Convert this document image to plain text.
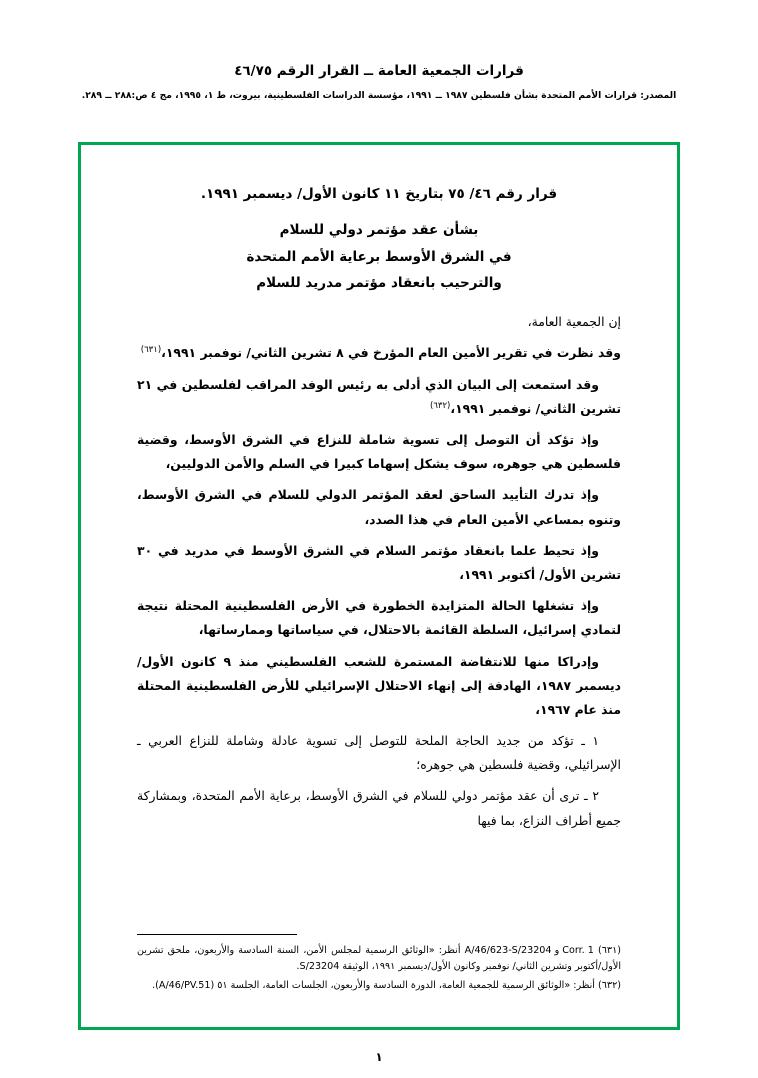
قرارات الجمعية العامة ــ القرار الرقم ٤٦/٧٥
المصدر: قرارات الأمم المتحدة بشأن فلسطين ١٩٨٧ ــ ١٩٩١، مؤسسة الدراسات الفلسطينية، بيروت، ط ١، ١٩٩٥، مج ٤ ص:٢٨٨ ــ ٢٨٩.
قرار رقم ٤٦/ ٧٥ بتاريخ ١١ كانون الأول/ ديسمبر ١٩٩١.
بشأن عقد مؤتمر دولي للسلام
في الشرق الأوسط برعاية الأمم المتحدة
والترحيب بانعقاد مؤتمر مدريد للسلام
إن الجمعية العامة،
وقد نظرت في تقرير الأمين العام المؤرخ في ٨ تشرين الثاني/ نوفمبر ١٩٩١،$^{(٦٣١)}$
وقد استمعت إلى البيان الذي أدلى به رئيس الوفد المراقب لفلسطين في ٢١ تشرين الثاني/ نوفمبر ١٩٩١،$^{(٦٣٢)}$
وإذ تؤكد أن التوصل إلى تسوية شاملة للنزاع في الشرق الأوسط، وقضية فلسطين هي جوهره، سوف يشكل إسهاما كبيرا في السلم والأمن الدوليين،
وإذ تدرك التأييد الساحق لعقد المؤتمر الدولي للسلام في الشرق الأوسط، وتنوه بمساعي الأمين العام في هذا الصدد،
وإذ تحيط علما بانعقاد مؤتمر السلام في الشرق الأوسط في مدريد في ٣٠ تشرين الأول/ أكتوبر ١٩٩١،
وإذ تشغلها الحالة المتزايدة الخطورة في الأرض الفلسطينية المحتلة نتيجة لتمادي إسرائيل، السلطة القائمة بالاحتلال، في سياساتها وممارساتها،
وإدراكا منها للانتفاضة المستمرة للشعب الفلسطيني منذ ٩ كانون الأول/ديسمبر ١٩٨٧، الهادفة إلى إنهاء الاحتلال الإسرائيلي للأرض الفلسطينية المحتلة منذ عام ١٩٦٧،
١ ـ تؤكد من جديد الحاجة الملحة للتوصل إلى تسوية عادلة وشاملة للنزاع العربي ـ الإسرائيلي، وقضية فلسطين هي جوهره؛
٢ ـ ترى أن عقد مؤتمر دولي للسلام في الشرق الأوسط، برعاية الأمم المتحدة، وبمشاركة جميع أطراف النزاع، بما فيها
(٦٣١) A/46/623-S/23204 و Corr. 1 أنظر: «الوثائق الرسمية لمجلس الأمن، السنة السادسة والأربعون، ملحق تشرين الأول/أكتوبر وتشرين الثاني/ نوفمبر وكانون الأول/ديسمبر ١٩٩١، الوثيقة S/23204.
(٦٣٢) أنظر: «الوثائق الرسمية للجمعية العامة، الدورة السادسة والأربعون، الجلسات العامة، الجلسة ٥١ (A/46/PV.51).
١
